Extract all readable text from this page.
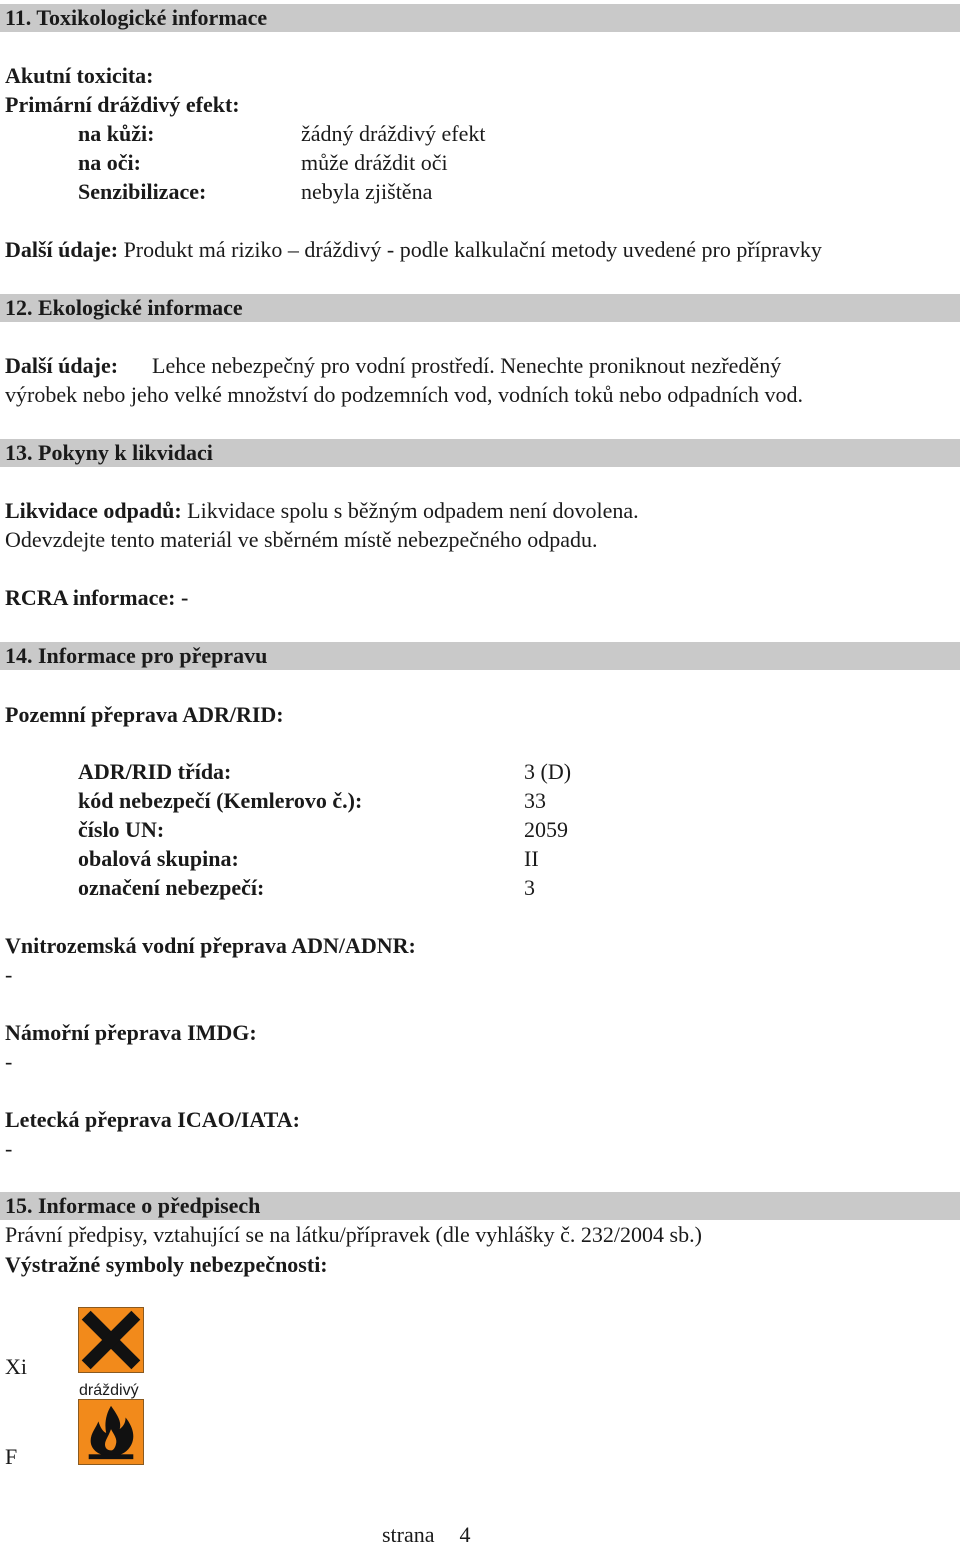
11. Toxikologické informace
Akutní toxicita:
Primární dráždivý efekt:
na kůži:	žádný dráždivý efekt
na oči:	může dráždit oči
Senzibilizace:	nebyla zjištěna
Další údaje: Produkt má riziko – dráždivý - podle kalkulační metody uvedené pro přípravky
12. Ekologické informace
Další údaje: Lehce nebezpečný pro vodní prostředí. Nenechte proniknout nezředěný
výrobek nebo jeho velké množství do podzemních vod, vodních toků nebo odpadních vod.
13. Pokyny k likvidaci
Likvidace odpadů: Likvidace spolu s běžným odpadem není dovolena.
Odevzdejte tento materiál ve sběrném místě nebezpečného odpadu.
RCRA informace: -
14. Informace pro přepravu
Pozemní přeprava ADR/RID:
ADR/RID třída:	3 (D)
kód nebezpečí (Kemlerovo č.):	33
číslo UN:	2059
obalová skupina:	II
označení nebezpečí:	3
Vnitrozemská vodní přeprava ADN/ADNR:
-
Námořní přeprava IMDG:
-
Letecká přeprava ICAO/IATA:
-
15. Informace o předpisech
Právní předpisy, vztahující se na látku/přípravek (dle vyhlášky č. 232/2004 sb.)
Výstražné symboly nebezpečnosti:
Xi
dráždivý
F
strana 4
